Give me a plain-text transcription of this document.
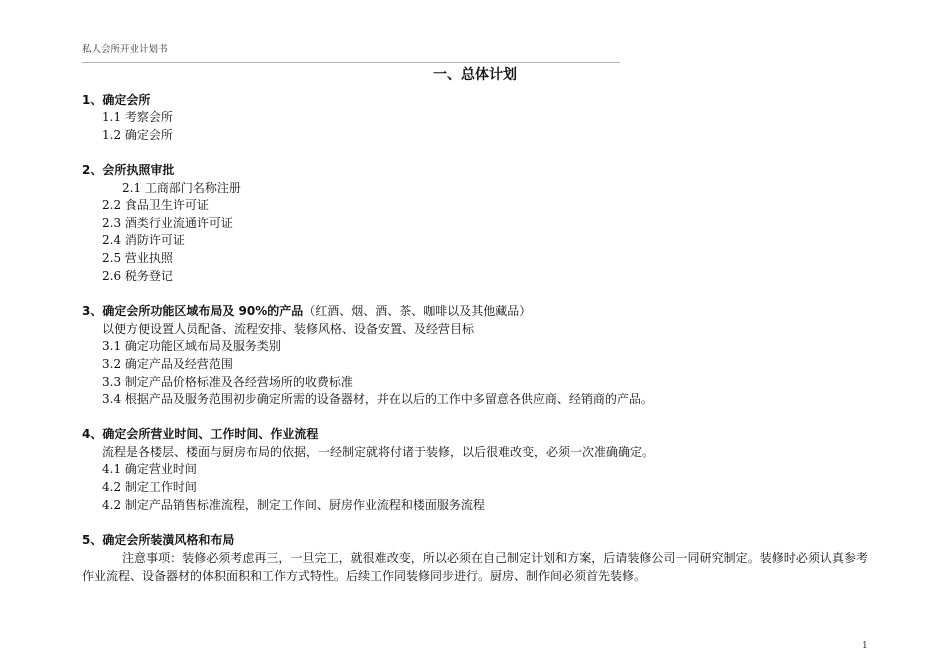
私人会所开业计划书
一、总体计划
1、确定会所
1.1 考察会所
1.2 确定会所
2、会所执照审批
2.1 工商部门名称注册
2.2 食品卫生许可证
2.3 酒类行业流通许可证
2.4 消防许可证
2.5 营业执照
2.6 税务登记
3、确定会所功能区域布局及 90%的产品（红酒、烟、酒、茶、咖啡以及其他藏品）
以便方便设置人员配备、流程安排、装修风格、设备安置、及经营目标
3.1 确定功能区域布局及服务类别
3.2 确定产品及经营范围
3.3 制定产品价格标准及各经营场所的收费标准
3.4 根据产品及服务范围初步确定所需的设备器材，并在以后的工作中多留意各供应商、经销商的产品。
4、确定会所营业时间、工作时间、作业流程
流程是各楼层、楼面与厨房布局的依据，一经制定就将付诸于装修，以后很难改变，必须一次准确确定。
4.1 确定营业时间
4.2 制定工作时间
4.2 制定产品销售标准流程，制定工作间、厨房作业流程和楼面服务流程
5、确定会所装潢风格和布局
注意事项：装修必须考虑再三，一旦完工，就很难改变，所以必须在自己制定计划和方案，后请装修公司一同研究制定。装修时必须认真参考作业流程、设备器材的体积面积和工作方式特性。后续工作同装修同步进行。厨房、制作间必须首先装修。
1
